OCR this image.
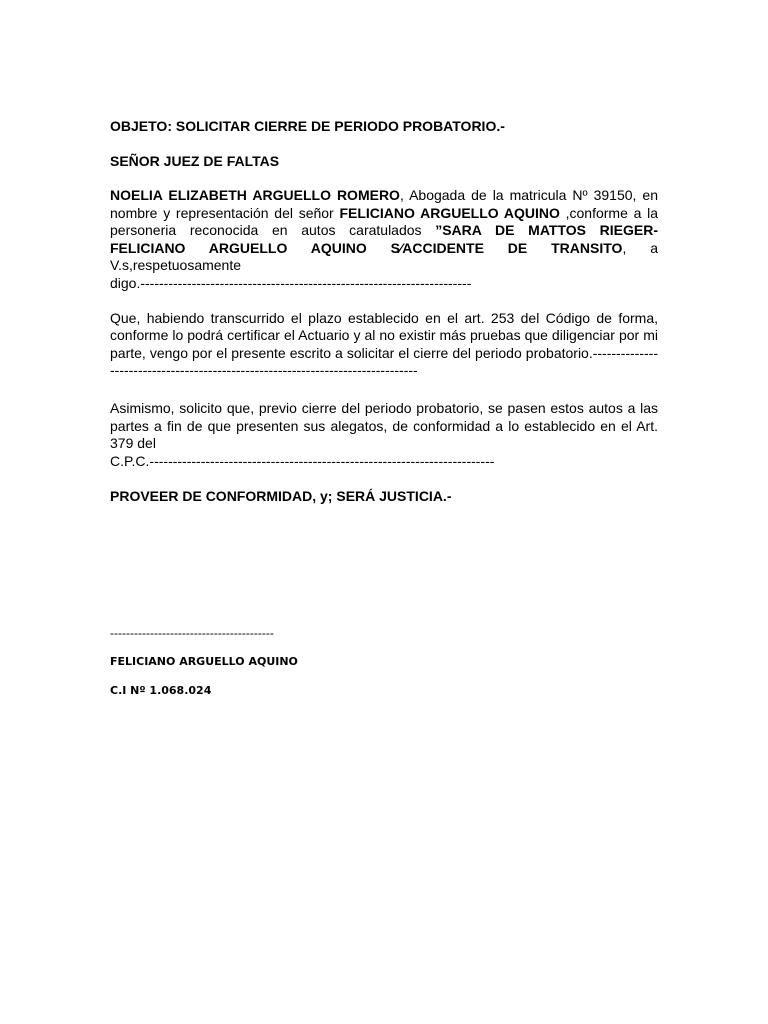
OBJETO: SOLICITAR CIERRE DE PERIODO PROBATORIO.-

SEÑOR JUEZ DE FALTAS

NOELIA ELIZABETH ARGUELLO ROMERO, Abogada de la matricula Nº 39150, en nombre y representación del señor FELICIANO ARGUELLO AQUINO ,conforme a la personeria reconocida en autos caratulados ”SARA DE MATTOS RIEGER- FELICIANO ARGUELLO AQUINO S⁄ACCIDENTE DE TRANSITO, a V.s,respetuosamente
digo.-----------------------------------------------------------------------

Que, habiendo transcurrido el plazo establecido en el art. 253 del Código de forma, conforme lo podrá certificar el Actuario y al no existir más pruebas que diligenciar por mi parte, vengo por el presente escrito a solicitar el cierre del periodo probatorio.--------------------------------------------------------------------------------

Asimismo, solicito que, previo cierre del periodo probatorio, se pasen estos autos a las partes a fin de que presenten sus alegatos, de conformidad a lo establecido en el Art. 379 del
C.P.C.--------------------------------------------------------------------------

PROVEER DE CONFORMIDAD, y; SERÁ JUSTICIA.-

-----------------------------------------
FELICIANO ARGUELLO AQUINO
C.I Nº 1.068.024
